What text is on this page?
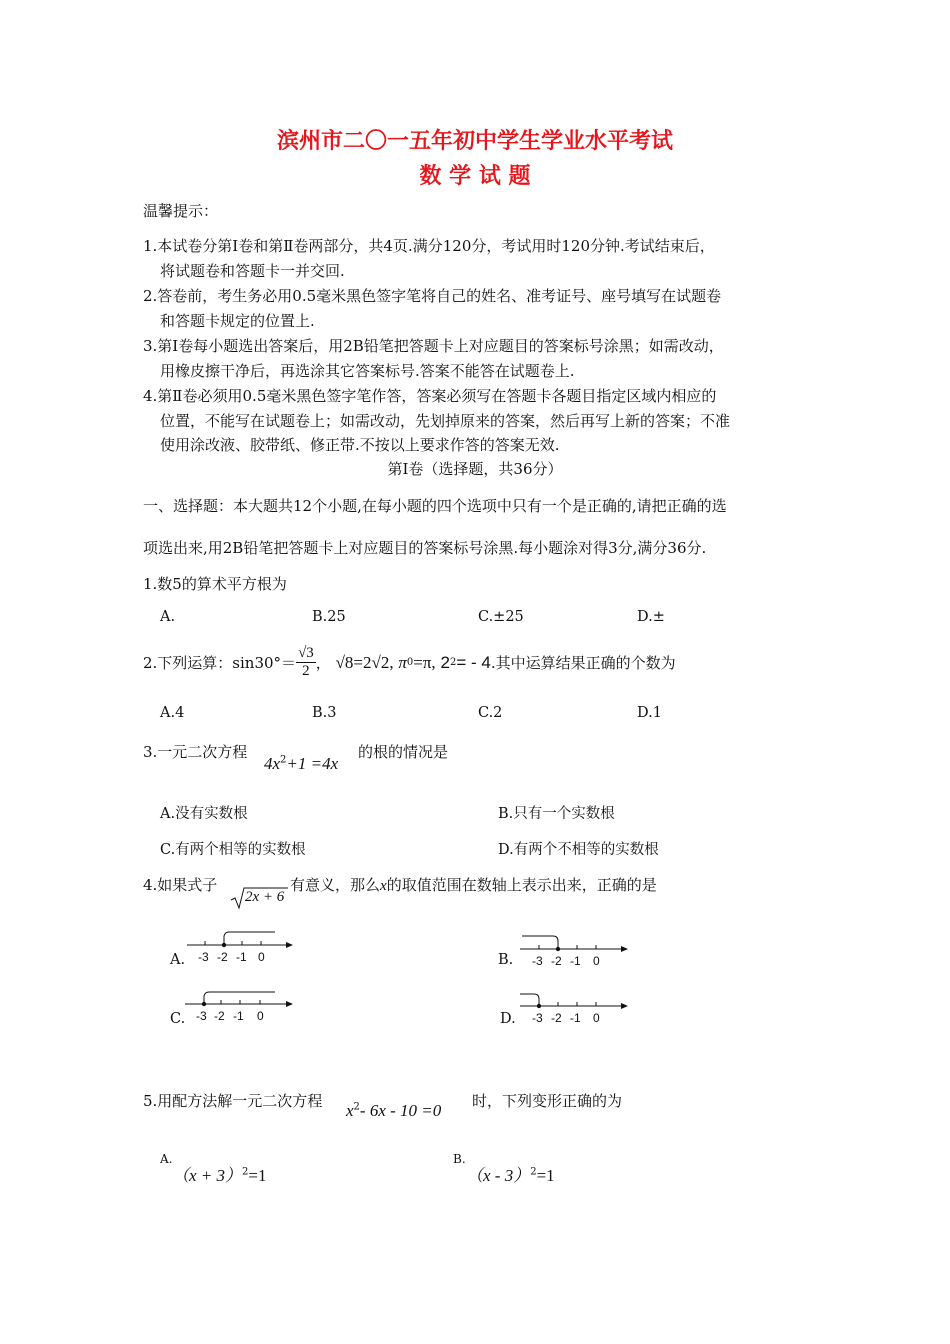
滨州市二〇一五年初中学生学业水平考试
数 学 试 题
温馨提示：
1.本试卷分第Ⅰ卷和第Ⅱ卷两部分，共4页.满分120分，考试用时120分钟.考试结束后，
将试题卷和答题卡一并交回.
2.答卷前，考生务必用0.5毫米黑色签字笔将自己的姓名、准考证号、座号填写在试题卷
和答题卡规定的位置上.
3.第Ⅰ卷每小题选出答案后，用2B铅笔把答题卡上对应题目的答案标号涂黑；如需改动，
用橡皮擦干净后，再选涂其它答案标号.答案不能答在试题卷上.
4.第Ⅱ卷必须用0.5毫米黑色签字笔作答，答案必须写在答题卡各题目指定区域内相应的
位置，不能写在试题卷上；如需改动，先划掉原来的答案，然后再写上新的答案；不准
使用涂改液、胶带纸、修正带.不按以上要求作答的答案无效.
第Ⅰ卷（选择题，共36分）
一、选择题：本大题共12个小题,在每小题的四个选项中只有一个是正确的,请把正确的选
项选出来,用2B铅笔把答题卡上对应题目的答案标号涂黑.每小题涂对得3分,满分36分.
1.数5的算术平方根为
A.	B.25	C.±25	D.±
2.下列运算：$\sin 30^\circ= \frac{√3}{2}$ ， √8=2√2,
π 0 =π,
2 2 = - 4 .其中运算结果正确的个数为
A.4	B.3	C.2	D.1
3.一元二次方程
$4x^2+1 =4x$
的根的情况是
A.没有实数根	B.只有一个实数根
C.有两个相等的实数根	D.有两个不相等的实数根
4.如果式子
2x + 6
有意义，那么x的取值范围在数轴上表示出来，正确的是
A. -3 -2 -1 0	B. -3 -2 -1 0
C. -3 -2 -1 0	D. -3 -2 -1 0
5.用配方法解一元二次方程 $x^2-$ 6x - 10 =0 时，下列变形正确的为
A.
$(x + 3)^2=1$
B.
（x - 3）$^2$=1
